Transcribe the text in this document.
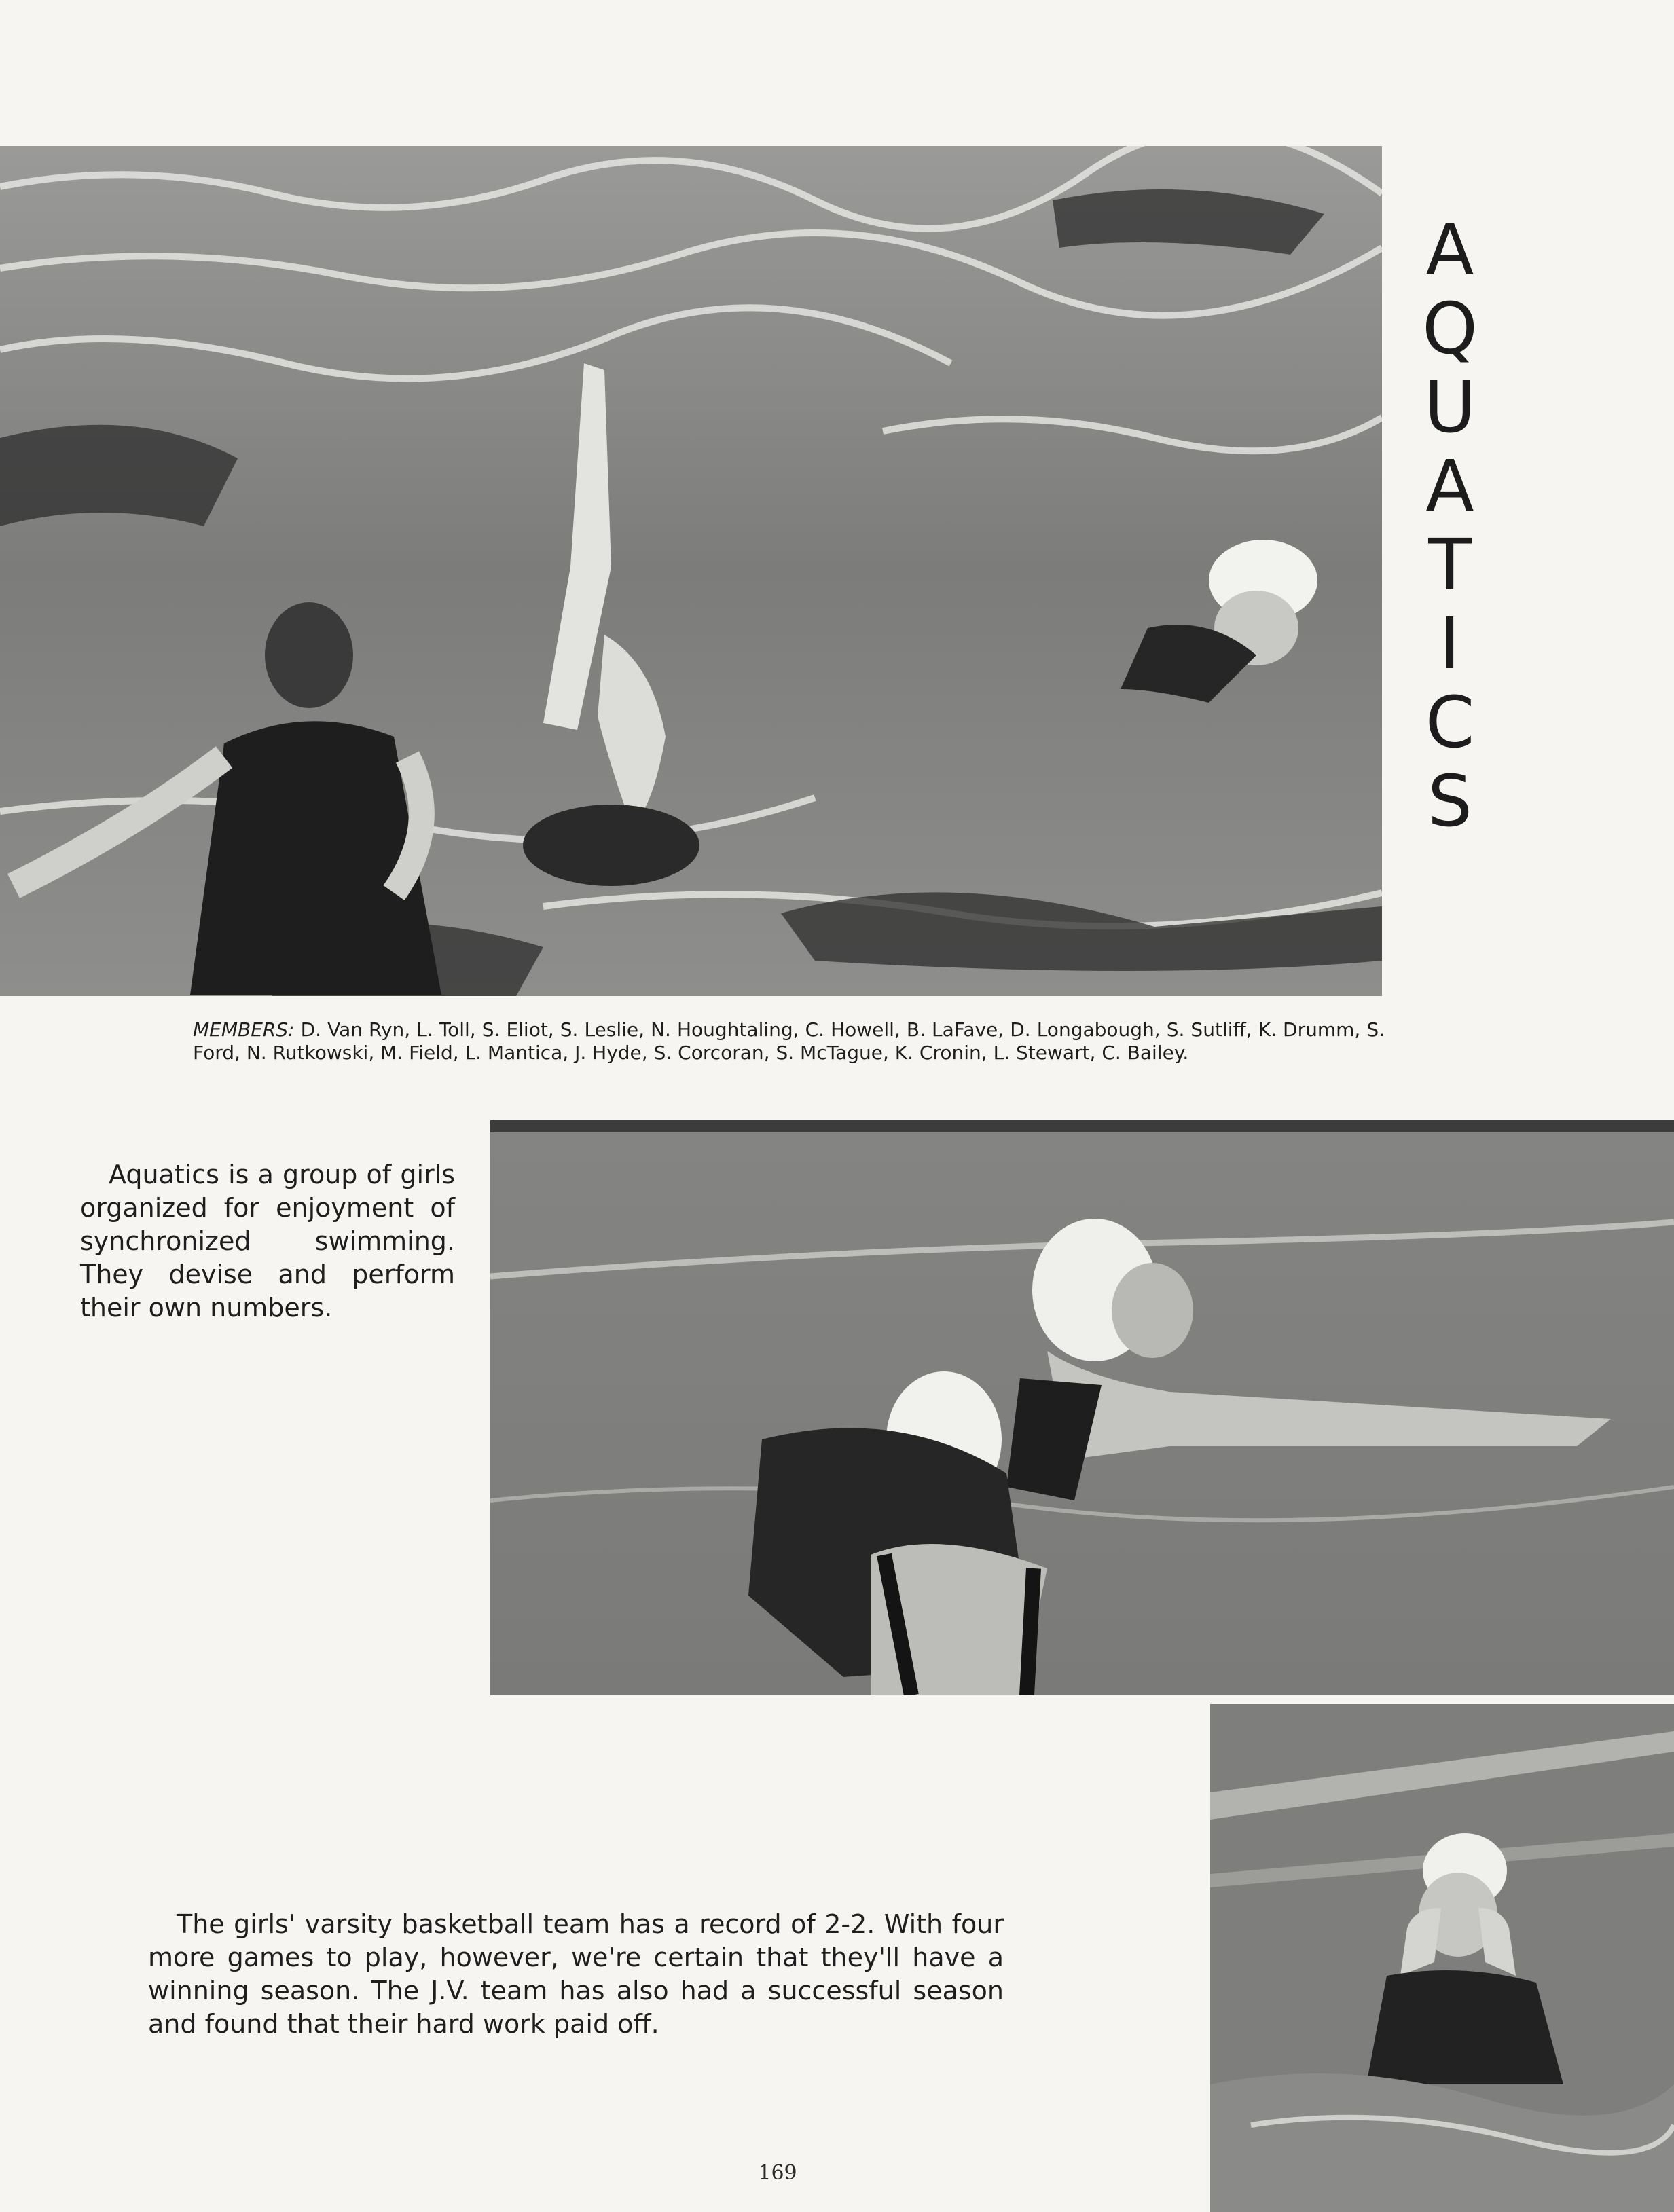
A
Q
U
A
T
I
C
S

MEMBERS: D. Van Ryn, L. Toll, S. Eliot, S. Leslie, N. Houghtaling, C. Howell, B. LaFave, D. Longabough, S. Sutliff, K. Drumm, S. Ford, N. Rutkowski, M. Field, L. Mantica, J. Hyde, S. Corcoran, S. McTague, K. Cronin, L. Stewart, C. Bailey.

Aquatics is a group of girls organized for enjoyment of synchronized swimming. They devise and perform their own numbers.

The girls' varsity basketball team has a record of 2-2. With four more games to play, however, we're certain that they'll have a winning season. The J.V. team has also had a successful season and found that their hard work paid off.

169
